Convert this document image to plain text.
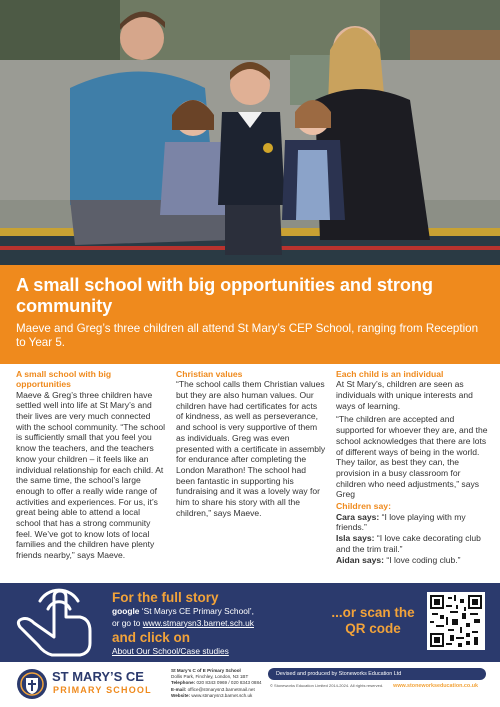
A small school with big opportunities and strong community
Maeve and Greg’s three children all attend St Mary’s CEP School, ranging from Reception to Year 5.
A small school with big opportunities

Maeve & Greg’s three children have settled well into life at St Mary’s and their lives are very much connected with the school community. “The school is sufficiently small that you feel you know the teachers, and the teachers know your children – it feels like an individual relationship for each child. At the same time, the school’s large enough to offer a really wide range of activities and experiences. For us, it’s great being able to attend a local school that has a strong community feel. We’ve got to know lots of local families and the children have plenty friends nearby,” says Maeve.

Christian values

“The school calls them Christian values but they are also human values. Our children have had certificates for acts of kindness, as well as perseverance, and school is very supportive of them as individuals. Greg was even presented with a certificate in assembly for endurance after completing the London Marathon! The school had been fantastic in supporting his fundraising and it was a lovely way for him to share his story with all the children,” says Maeve.

Each child is an individual

At St Mary’s, children are seen as individuals with unique interests and ways of learning.

“The children are accepted and supported for whoever they are, and the school acknowledges that there are lots of different ways of being in the world. They tailor, as best they can, the provision in a busy classroom for children who need adjustments,” says Greg

Children say:

Cara says: “I love playing with my friends.”

Isla says: “I love cake decorating club and the trim trail.”

Aidan says: “I love coding club.”

For the full story
google ‘St Marys CE Primary School’,
or go to www.stmarysn3.barnet.sch.uk
and click on
About Our School/Case studies
...or scan the QR code
ST MARY’S CE
PRIMARY SCHOOL
St Mary’s C of E Primary School
Dollis Park, Finchley, London, N3 1BT
Telephone: 020 8343 0969 / 020 8343 0884
E-mail: office@stmarysn3.barnetmail.net
Website: www.stmarysn3.barnet.sch.uk
Devised and produced by Stoneworks Education Ltd
www.stoneworkseducation.co.uk
© Stoneworks Education Limited 2014-2024. All rights reserved.
